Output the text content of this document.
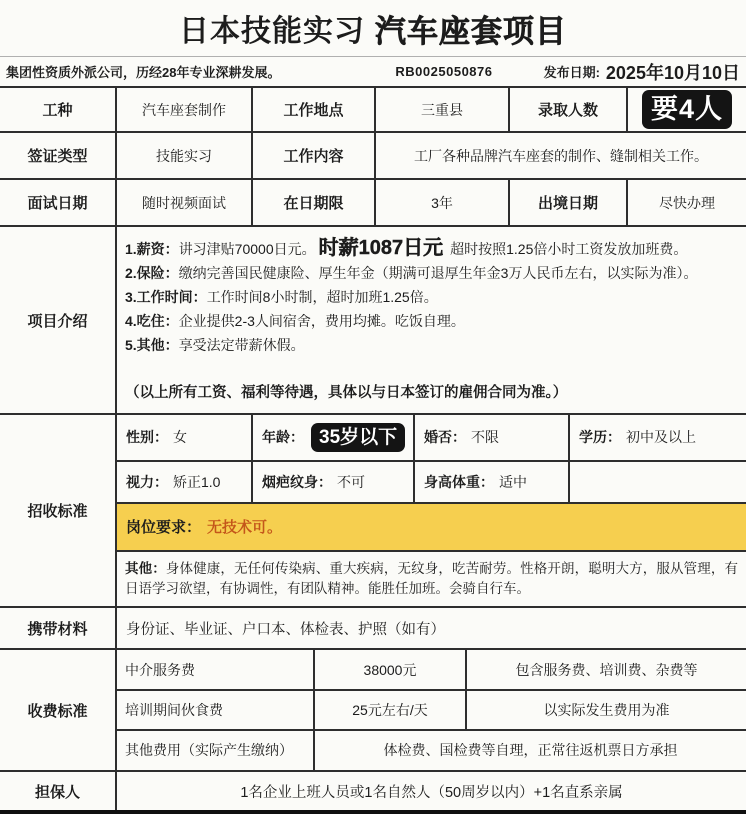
日本技能实习 汽车座套项目
集团性资质外派公司，历经28年专业深耕发展。	RB0025050876	发布日期: 2025年10月10日
工种	汽车座套制作	工作地点	三重县	录取人数	要4人
签证类型	技能实习	工作内容	工厂各种品牌汽车座套的制作、缝制相关工作。
面试日期	随时视频面试	在日期限	3年	出境日期	尽快办理
项目介绍
1.薪资：讲习津贴70000日元。 时薪1087日元 超时按照1.25倍小时工资发放加班费。
2.保险：缴纳完善国民健康险、厚生年金（期满可退厚生年金3万人民币左右，以实际为准）。
3.工作时间：工作时间8小时制，超时加班1.25倍。
4.吃住：企业提供2-3人间宿舍，费用均摊。吃饭自理。
5.其他：享受法定带薪休假。
（以上所有工资、福利等待遇，具体以与日本签订的雇佣合同为准。）
招收标准
性别： 女	年龄： 35岁以下	婚否： 不限	学历： 初中及以上
视力： 矫正1.0	烟疤纹身： 不可	身高体重： 适中
岗位要求： 无技术可。

其他：身体健康，无任何传染病、重大疾病，无纹身，吃苦耐劳。性格开朗，聪明大方，服从管理，有日语学习欲望，有协调性，有团队精神。能胜任加班。会骑自行车。

携带材料	身份证、毕业证、户口本、体检表、护照（如有）
收费标准
中介服务费	38000元	包含服务费、培训费、杂费等
培训期间伙食费	25元左右/天	以实际发生费用为准
其他费用（实际产生缴纳）	体检费、国检费等自理，正常往返机票日方承担
担保人	1名企业上班人员或1名自然人（50周岁以内）+1名直系亲属
